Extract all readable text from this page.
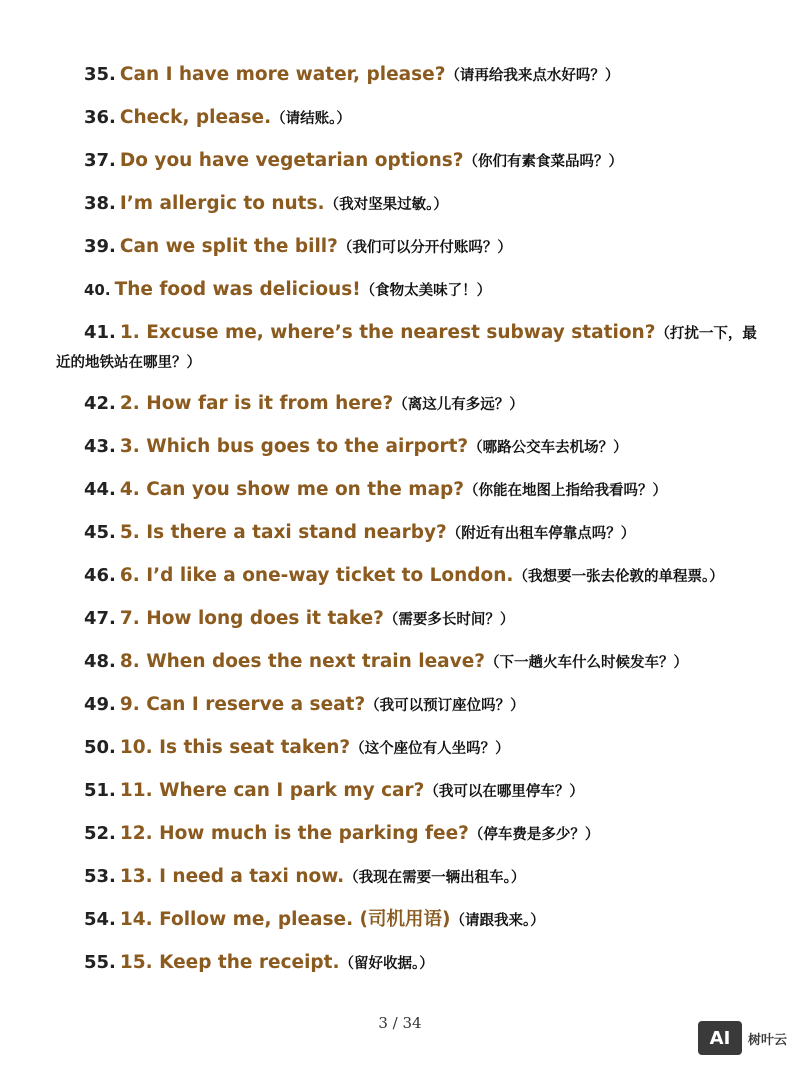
35. Can I have more water, please?（请再给我来点水好吗？）
36. Check, please.（请结账。）
37. Do you have vegetarian options?（你们有素食菜品吗？）
38. I’m allergic to nuts.（我对坚果过敏。）
39. Can we split the bill?（我们可以分开付账吗？）
40. The food was delicious!（食物太美味了！）
41. 1. Excuse me, where’s the nearest subway station?（打扰一下，最近的地铁站在哪里？）
42. 2. How far is it from here?（离这儿有多远？）
43. 3. Which bus goes to the airport?（哪路公交车去机场？）
44. 4. Can you show me on the map?（你能在地图上指给我看吗？）
45. 5. Is there a taxi stand nearby?（附近有出租车停靠点吗？）
46. 6. I’d like a one-way ticket to London.（我想要一张去伦敦的单程票。）
47. 7. How long does it take?（需要多长时间？）
48. 8. When does the next train leave?（下一趟火车什么时候发车？）
49. 9. Can I reserve a seat?（我可以预订座位吗？）
50. 10. Is this seat taken?（这个座位有人坐吗？）
51. 11. Where can I park my car?（我可以在哪里停车？）
52. 12. How much is the parking fee?（停车费是多少？）
53. 13. I need a taxi now.（我现在需要一辆出租车。）
54. 14. Follow me, please. (司机用语)（请跟我来。）
55. 15. Keep the receipt.（留好收据。）
3 / 34
AI	树叶云
